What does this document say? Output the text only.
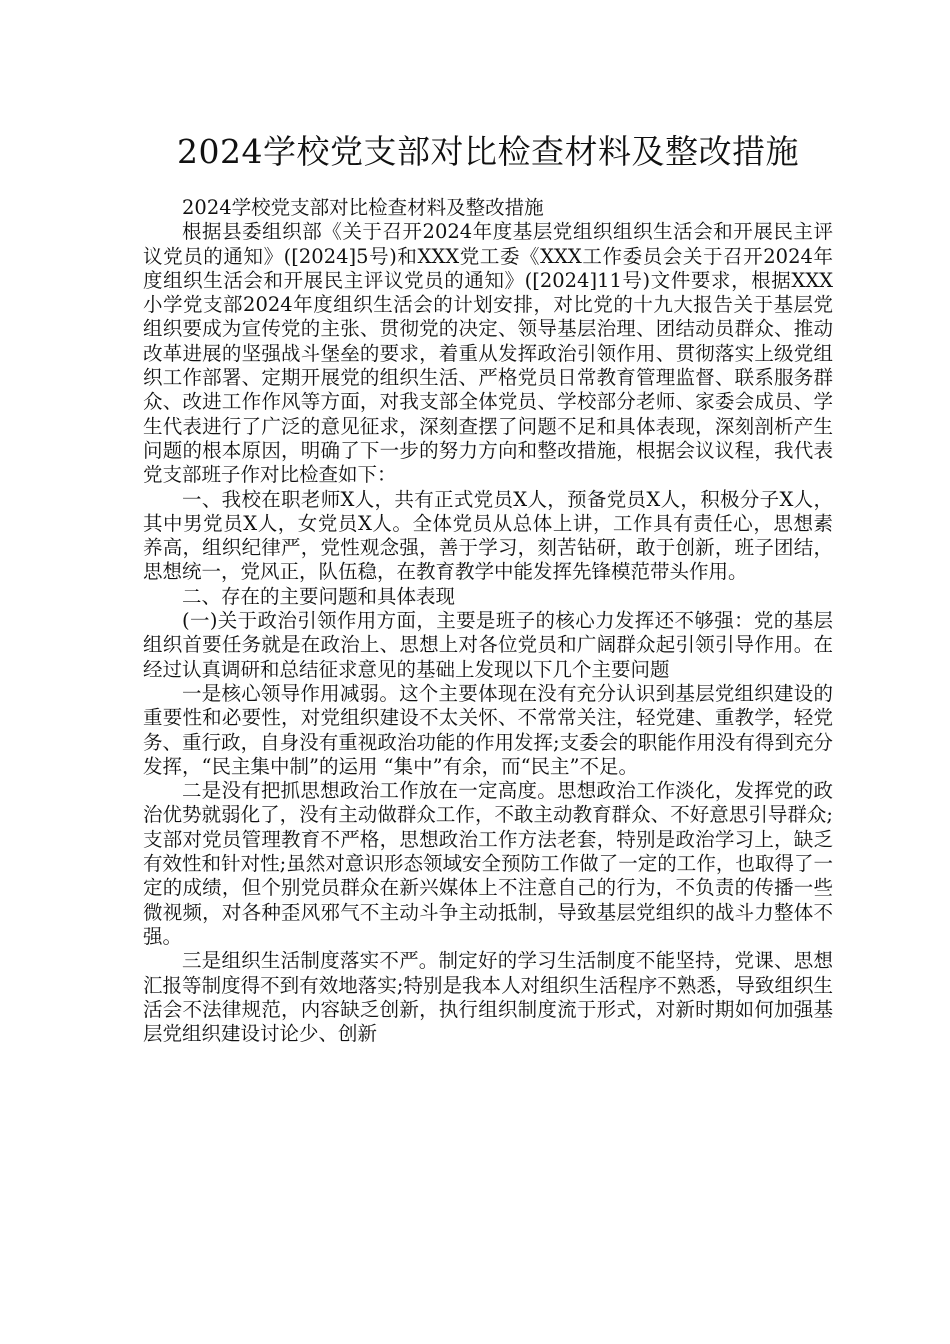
2024学校党支部对比检查材料及整改措施

2024学校党支部对比检查材料及整改措施

根据县委组织部《关于召开2024年度基层党组织组织生活会和开展民主评议党员的通知》([2024]5号)和XXX党工委《XXX工作委员会关于召开2024年度组织生活会和开展民主评议党员的通知》([2024]11号)文件要求，根据XXX小学党支部2024年度组织生活会的计划安排，对比党的十九大报告关于基层党组织要成为宣传党的主张、贯彻党的决定、领导基层治理、团结动员群众、推动改革进展的坚强战斗堡垒的要求，着重从发挥政治引领作用、贯彻落实上级党组织工作部署、定期开展党的组织生活、严格党员日常教育管理监督、联系服务群众、改进工作作风等方面，对我支部全体党员、学校部分老师、家委会成员、学生代表进行了广泛的意见征求，深刻查摆了问题不足和具体表现，深刻剖析产生问题的根本原因，明确了下一步的努力方向和整改措施，根据会议议程，我代表党支部班子作对比检查如下：

一、我校在职老师X人，共有正式党员X人，预备党员X人，积极分子X人，其中男党员X人，女党员X人。全体党员从总体上讲，工作具有责任心，思想素养高，组织纪律严，党性观念强，善于学习，刻苦钻研，敢于创新，班子团结，思想统一，党风正，队伍稳，在教育教学中能发挥先锋模范带头作用。

二、存在的主要问题和具体表现

(一)关于政治引领作用方面，主要是班子的核心力发挥还不够强：党的基层组织首要任务就是在政治上、思想上对各位党员和广阔群众起引领引导作用。在经过认真调研和总结征求意见的基础上发现以下几个主要问题

一是核心领导作用减弱。这个主要体现在没有充分认识到基层党组织建设的重要性和必要性，对党组织建设不太关怀、不常常关注，轻党建、重教学，轻党务、重行政，自身没有重视政治功能的作用发挥;支委会的职能作用没有得到充分发挥，“民主集中制”的运用 “集中”有余，而“民主”不足。

二是没有把抓思想政治工作放在一定高度。思想政治工作淡化，发挥党的政治优势就弱化了，没有主动做群众工作，不敢主动教育群众、不好意思引导群众;支部对党员管理教育不严格，思想政治工作方法老套，特别是政治学习上，缺乏有效性和针对性;虽然对意识形态领域安全预防工作做了一定的工作，也取得了一定的成绩，但个别党员群众在新兴媒体上不注意自己的行为，不负责的传播一些微视频，对各种歪风邪气不主动斗争主动抵制，导致基层党组织的战斗力整体不强。

三是组织生活制度落实不严。制定好的学习生活制度不能坚持，党课、思想汇报等制度得不到有效地落实;特别是我本人对组织生活程序不熟悉，导致组织生活会不法律规范，内容缺乏创新，执行组织制度流于形式，对新时期如何加强基层党组织建设讨论少、创新
